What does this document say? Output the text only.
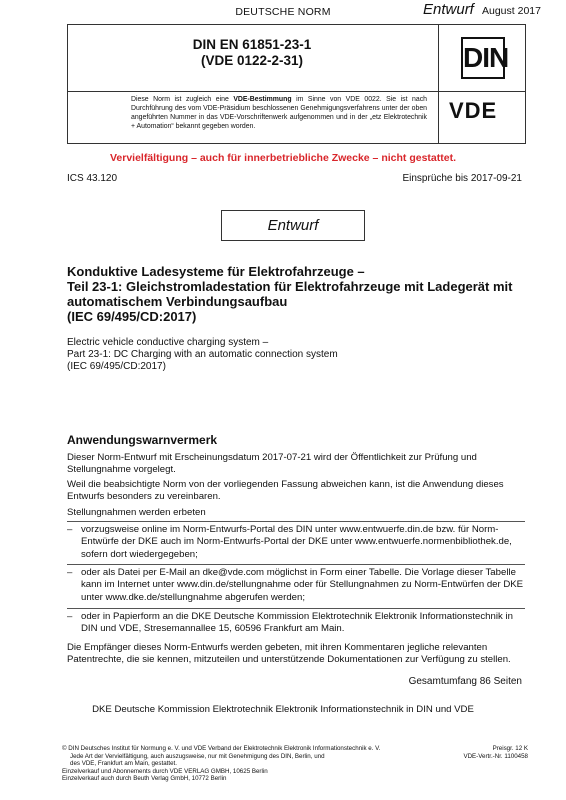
DEUTSCHE NORM	Entwurf August 2017
DIN EN 61851-23-1
(VDE 0122-2-31)	DIN
Diese Norm ist zugleich eine VDE-Bestimmung im Sinne von VDE 0022. Sie ist nach Durchführung des vom VDE-Präsidium beschlossenen Genehmigungsverfahrens unter der oben angeführten Nummer in das VDE-Vorschriftenwerk aufgenommen und in der „etz Elektrotechnik + Automation“ bekannt gegeben worden.
VDE
Vervielfältigung – auch für innerbetriebliche Zwecke – nicht gestattet.
ICS 43.120	Einsprüche bis 2017-09-21
Entwurf
Konduktive Ladesysteme für Elektrofahrzeuge –
Teil 23-1: Gleichstromladestation für Elektrofahrzeuge mit Ladegerät mit
automatischem Verbindungsaufbau
(IEC 69/495/CD:2017)
Electric vehicle conductive charging system –
Part 23-1: DC Charging with an automatic connection system
(IEC 69/495/CD:2017)
Anwendungswarnvermerk
Dieser Norm-Entwurf mit Erscheinungsdatum 2017-07-21 wird der Öffentlichkeit zur Prüfung und Stellungnahme vorgelegt.
Weil die beabsichtigte Norm von der vorliegenden Fassung abweichen kann, ist die Anwendung dieses Entwurfs besonders zu vereinbaren.
Stellungnahmen werden erbeten
– vorzugsweise online im Norm-Entwurfs-Portal des DIN unter www.entwuerfe.din.de bzw. für Norm-Entwürfe der DKE auch im Norm-Entwurfs-Portal der DKE unter www.entwuerfe.normenbibliothek.de, sofern dort wiedergegeben;
– oder als Datei per E-Mail an dke@vde.com möglichst in Form einer Tabelle. Die Vorlage dieser Tabelle kann im Internet unter www.din.de/stellungnahme oder für Stellungnahmen zu Norm-Entwürfen der DKE unter www.dke.de/stellungnahme abgerufen werden;
– oder in Papierform an die DKE Deutsche Kommission Elektrotechnik Elektronik Informationstechnik in DIN und VDE, Stresemannallee 15, 60596 Frankfurt am Main.
Die Empfänger dieses Norm-Entwurfs werden gebeten, mit ihren Kommentaren jegliche relevanten Patentrechte, die sie kennen, mitzuteilen und unterstützende Dokumentationen zur Verfügung zu stellen.
Gesamtumfang 86 Seiten
DKE Deutsche Kommission Elektrotechnik Elektronik Informationstechnik in DIN und VDE
© DIN Deutsches Institut für Normung e. V. und VDE Verband der Elektrotechnik Elektronik Informationstechnik e. V.
Jede Art der Vervielfältigung, auch auszugsweise, nur mit Genehmigung des DIN, Berlin, und
des VDE, Frankfurt am Main, gestattet.
Einzelverkauf und Abonnements durch VDE VERLAG GMBH, 10625 Berlin
Einzelverkauf auch durch Beuth Verlag GmbH, 10772 Berlin
Preisgr. 12 K
VDE-Vertr.-Nr. 1100458
